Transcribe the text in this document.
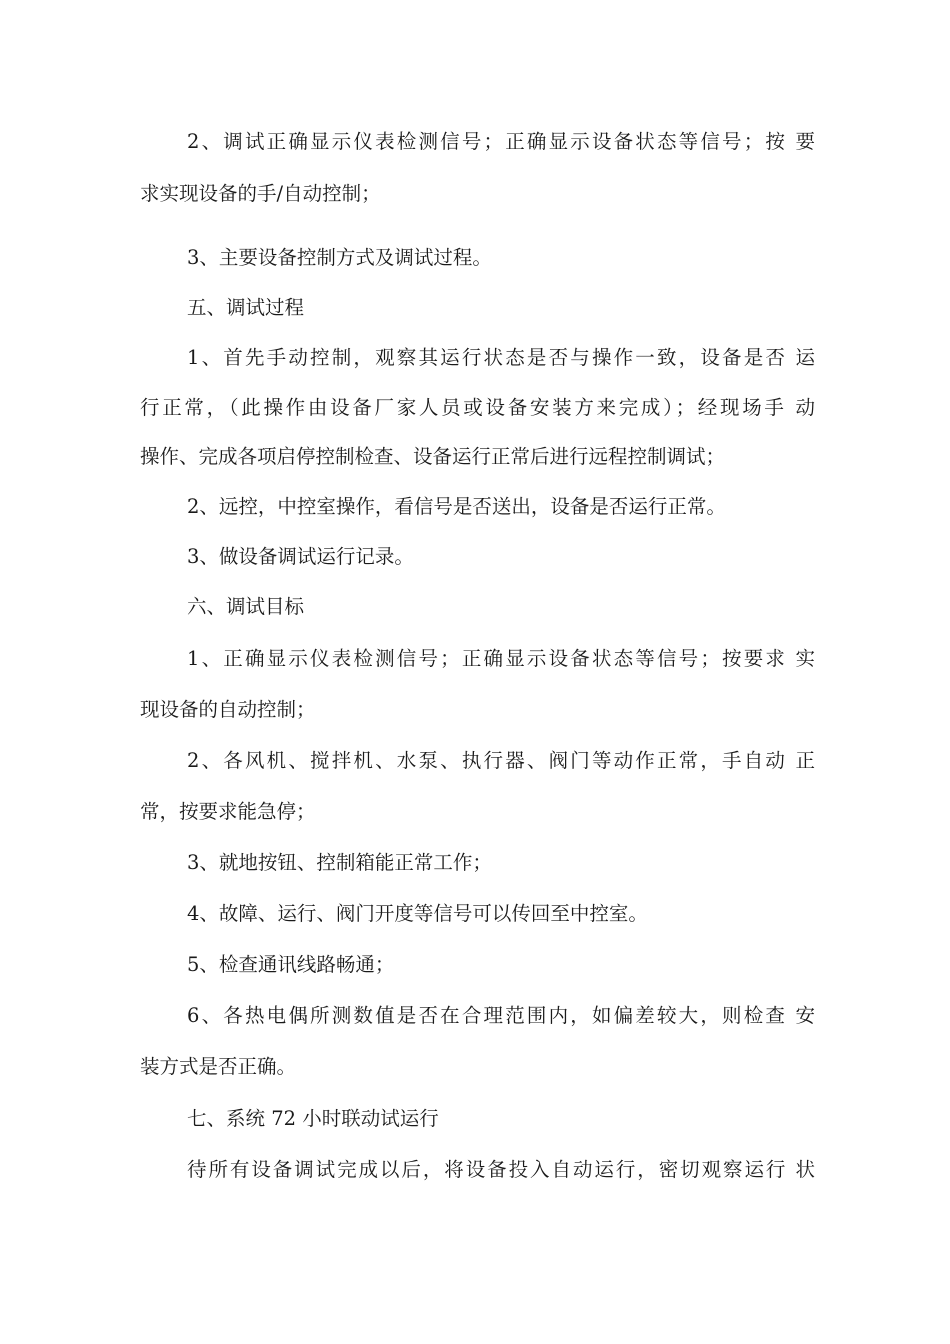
2、调试正确显示仪表检测信号；正确显示设备状态等信号；按 要
求实现设备的手/自动控制；
3、主要设备控制方式及调试过程。
五、调试过程
1、首先手动控制，观察其运行状态是否与操作一致，设备是否 运
行正常，（此操作由设备厂家人员或设备安装方来完成）；经现场手 动
操作、完成各项启停控制检查、设备运行正常后进行远程控制调试；
2、远控，中控室操作，看信号是否送出，设备是否运行正常。
3、做设备调试运行记录。
六、调试目标
1、正确显示仪表检测信号；正确显示设备状态等信号；按要求 实
现设备的自动控制；
2、各风机、搅拌机、水泵、执行器、阀门等动作正常，手自动 正
常，按要求能急停；
3、就地按钮、控制箱能正常工作；
4、故障、运行、阀门开度等信号可以传回至中控室。
5、检查通讯线路畅通；
6、各热电偶所测数值是否在合理范围内，如偏差较大，则检查 安
装方式是否正确。
七、系统 72 小时联动试运行
待所有设备调试完成以后，将设备投入自动运行，密切观察运行 状
